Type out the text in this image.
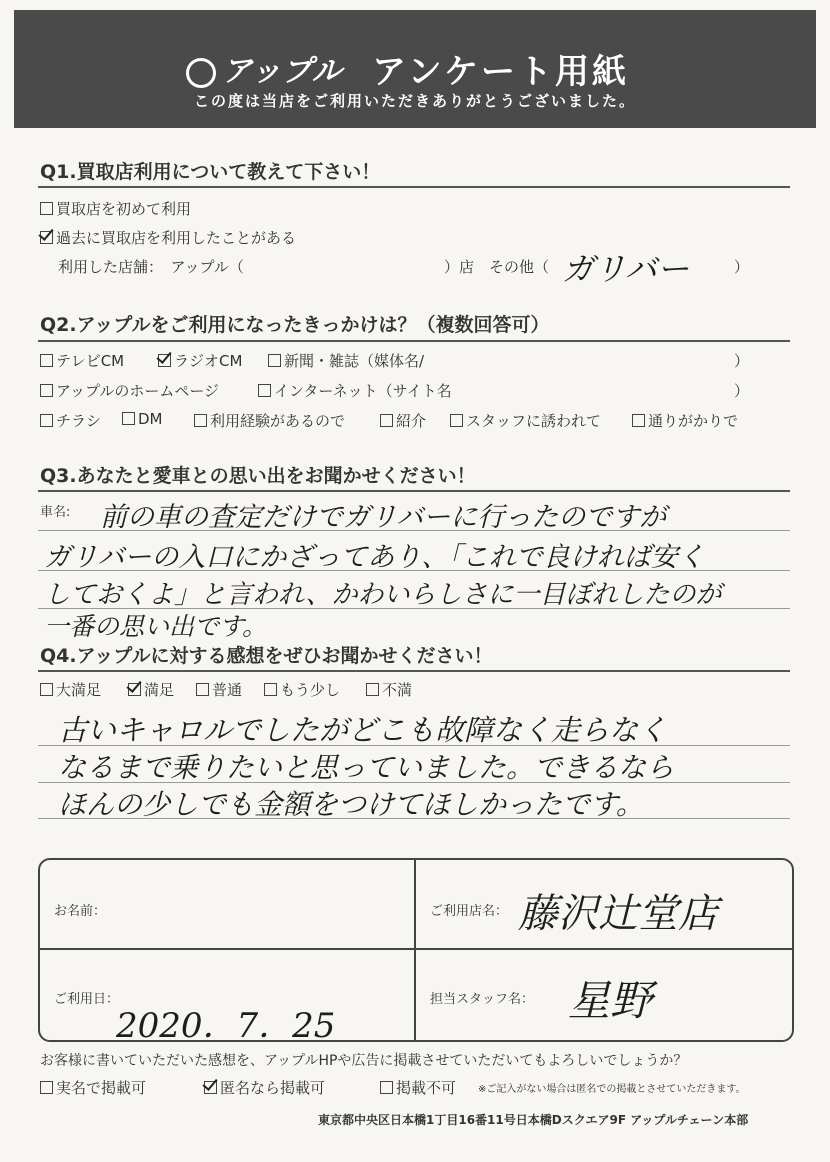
アップル アンケート用紙
この度は当店をご利用いただきありがとうございました。
Q1.買取店利用について教えて下さい！
買取店を初めて利用
過去に買取店を利用したことがある
利用した店舗：　アップル（	）店　その他（ ガリバー	）
Q2.アップルをご利用になったきっかけは？（複数回答可）
テレビCM	ラジオCM	新聞・雑誌（媒体名/	）
アップルのホームページ	インターネット（サイト名	）
チラシ	DM	利用経験があるので	紹介	スタッフに誘われて	通りがかりで
Q3.あなたと愛車との思い出をお聞かせください！
車名: 前の車の査定だけでガリバーに行ったのですが
ガリバーの入口にかざってあり、「これで良ければ安く
しておくよ」と言われ、かわいらしさに一目ぼれしたのが
一番の思い出です。
Q4.アップルに対する感想をぜひお聞かせください！
大満足	満足	普通	もう少し	不満
古いキャロルでしたがどこも故障なく走らなく
なるまで乗りたいと思っていました。できるなら
ほんの少しでも金額をつけてほしかったです。
お名前：	ご利用店名： 藤沢辻堂店
ご利用日：
2020．7．25
担当スタッフ名： 星野
お客様に書いていただいた感想を、アップルHPや広告に掲載させていただいてもよろしいでしょうか？
実名で掲載可	匿名なら掲載可	掲載不可 ※ご記入がない場合は匿名での掲載とさせていただきます。
東京都中央区日本橋1丁目16番11号日本橋Dスクエア9F アップルチェーン本部
